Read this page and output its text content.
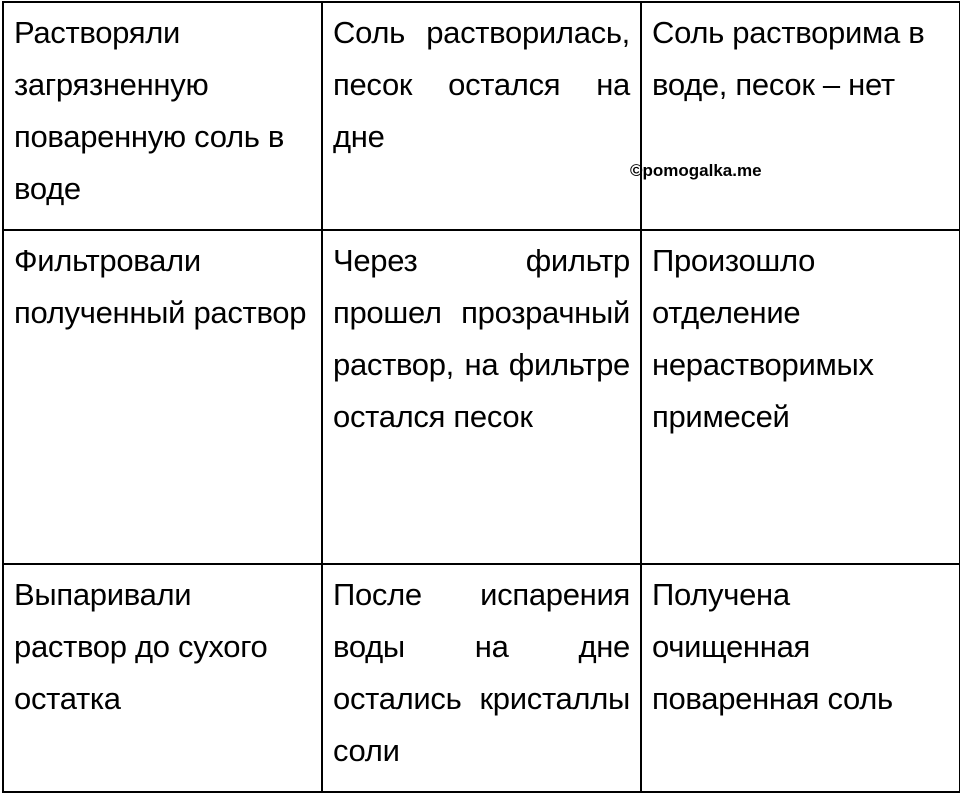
Растворяли загрязненную поваренную соль в воде	Соль растворилась, песок остался на дне	Соль растворима в воде, песок – нет

Фильтровали полученный раствор	Через фильтр прошел прозрачный раствор, на фильтре остался песок	Произошло отделение нерастворимых примесей

Выпаривали раствор до сухого остатка	После испарения воды на дне остались кристаллы соли	Получена очищенная поваренная соль
©pomogalka.me
